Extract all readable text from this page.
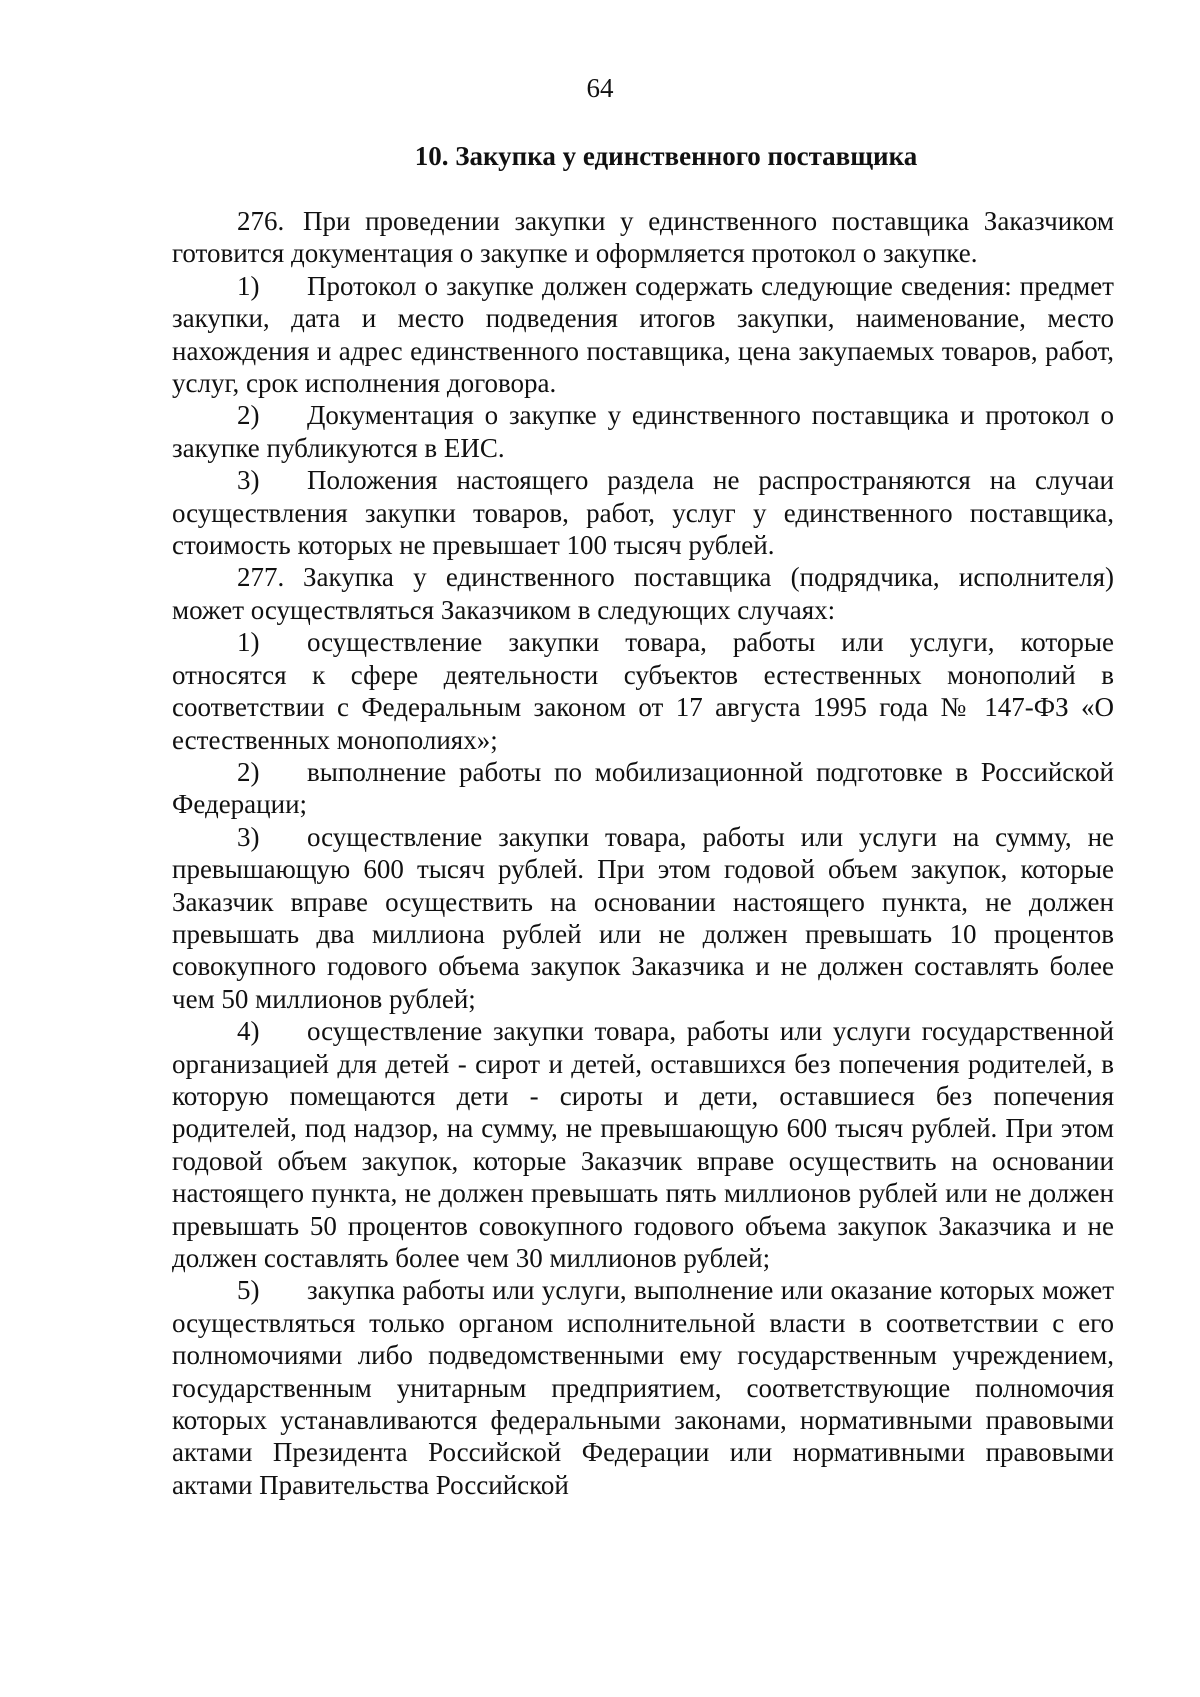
64
10. Закупка у единственного поставщика

276. При проведении закупки у единственного поставщика Заказчиком готовится документация о закупке и оформляется протокол о закупке.

1) Протокол о закупке должен содержать следующие сведения: предмет закупки, дата и место подведения итогов закупки, наименование, место нахождения и адрес единственного поставщика, цена закупаемых товаров, работ, услуг, срок исполнения договора.

2) Документация о закупке у единственного поставщика и протокол о закупке публикуются в ЕИС.

3) Положения настоящего раздела не распространяются на случаи осуществления закупки товаров, работ, услуг у единственного поставщика, стоимость которых не превышает 100 тысяч рублей.

277. Закупка у единственного поставщика (подрядчика, исполнителя) может осуществляться Заказчиком в следующих случаях:

1) осуществление закупки товара, работы или услуги, которые относятся к сфере деятельности субъектов естественных монополий в соответствии с Федеральным законом от 17 августа 1995 года № 147-ФЗ «О естественных монополиях»;

2) выполнение работы по мобилизационной подготовке в Российской Федерации;

3) осуществление закупки товара, работы или услуги на сумму, не превышающую 600 тысяч рублей. При этом годовой объем закупок, которые Заказчик вправе осуществить на основании настоящего пункта, не должен превышать два миллиона рублей или не должен превышать 10 процентов совокупного годового объема закупок Заказчика и не должен составлять более чем 50 миллионов рублей;

4) осуществление закупки товара, работы или услуги государственной организацией для детей - сирот и детей, оставшихся без попечения родителей, в которую помещаются дети - сироты и дети, оставшиеся без попечения родителей, под надзор, на сумму, не превышающую 600 тысяч рублей. При этом годовой объем закупок, которые Заказчик вправе осуществить на основании настоящего пункта, не должен превышать пять миллионов рублей или не должен превышать 50 процентов совокупного годового объема закупок Заказчика и не должен составлять более чем 30 миллионов рублей;

5) закупка работы или услуги, выполнение или оказание которых может осуществляться только органом исполнительной власти в соответствии с его полномочиями либо подведомственными ему государственным учреждением, государственным унитарным предприятием, соответствующие полномочия которых устанавливаются федеральными законами, нормативными правовыми актами Президента Российской Федерации или нормативными правовыми актами Правительства Российской
